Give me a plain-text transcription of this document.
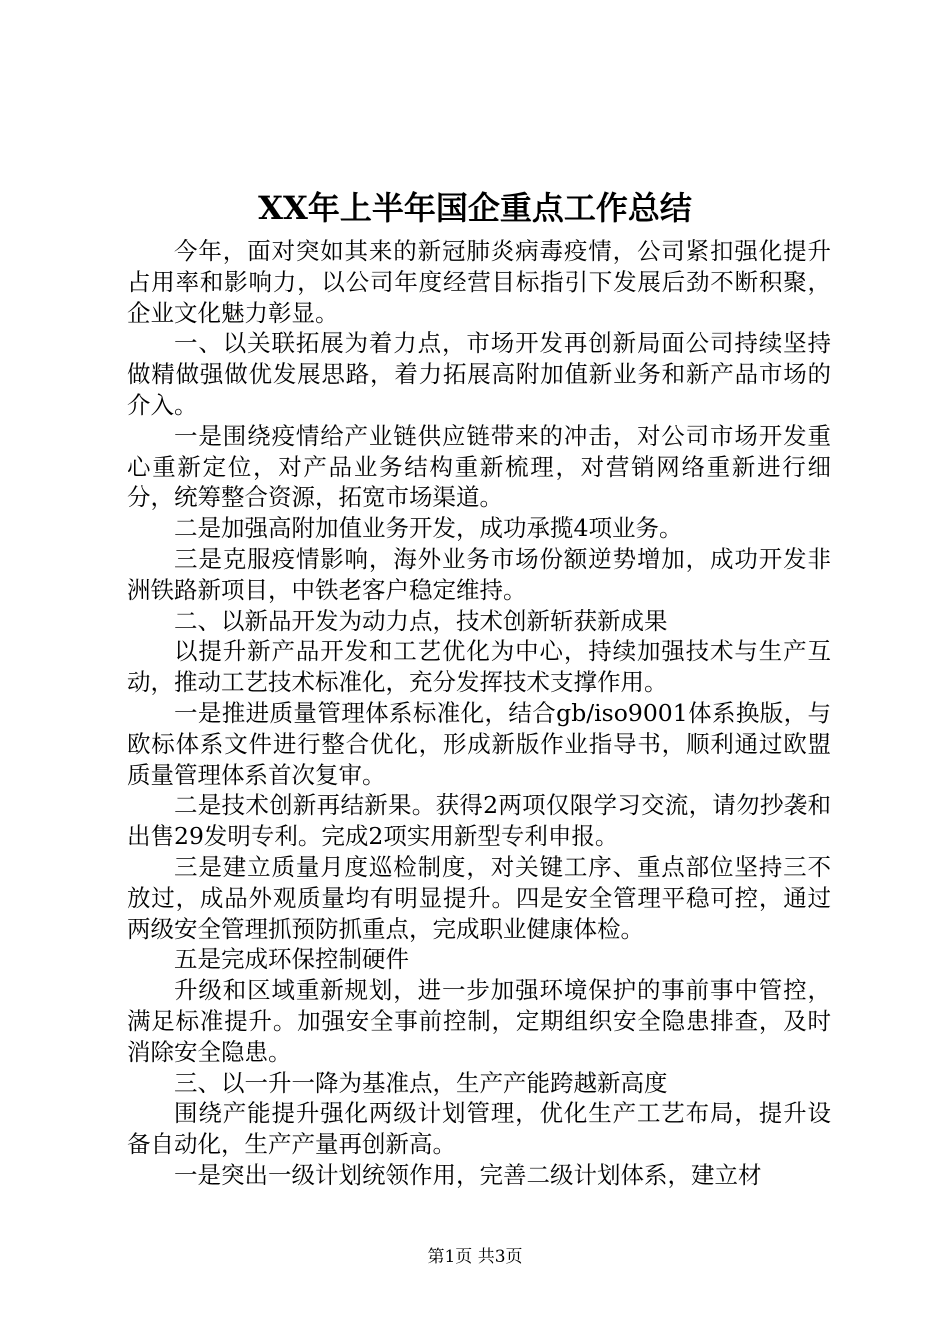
XX年上半年国企重点工作总结

今年，面对突如其来的新冠肺炎病毒疫情，公司紧扣强化提升占用率和影响力，以公司年度经营目标指引下发展后劲不断积聚，企业文化魅力彰显。

一、以关联拓展为着力点，市场开发再创新局面公司持续坚持做精做强做优发展思路，着力拓展高附加值新业务和新产品市场的介入。

一是围绕疫情给产业链供应链带来的冲击，对公司市场开发重心重新定位，对产品业务结构重新梳理，对营销网络重新进行细分，统筹整合资源，拓宽市场渠道。

二是加强高附加值业务开发，成功承揽4项业务。

三是克服疫情影响，海外业务市场份额逆势增加，成功开发非洲铁路新项目，中铁老客户稳定维持。

二、以新品开发为动力点，技术创新斩获新成果

以提升新产品开发和工艺优化为中心，持续加强技术与生产互动，推动工艺技术标准化，充分发挥技术支撑作用。

一是推进质量管理体系标准化，结合gb/iso9001体系换版，与欧标体系文件进行整合优化，形成新版作业指导书，顺利通过欧盟质量管理体系首次复审。

二是技术创新再结新果。获得2两项仅限学习交流，请勿抄袭和出售29发明专利。完成2项实用新型专利申报。

三是建立质量月度巡检制度，对关键工序、重点部位坚持三不放过，成品外观质量均有明显提升。四是安全管理平稳可控，通过两级安全管理抓预防抓重点，完成职业健康体检。

五是完成环保控制硬件

升级和区域重新规划，进一步加强环境保护的事前事中管控，满足标准提升。加强安全事前控制，定期组织安全隐患排查，及时消除安全隐患。

三、以一升一降为基准点，生产产能跨越新高度

围绕产能提升强化两级计划管理，优化生产工艺布局，提升设备自动化，生产产量再创新高。

一是突出一级计划统领作用，完善二级计划体系，建立材

第1页 共3页
